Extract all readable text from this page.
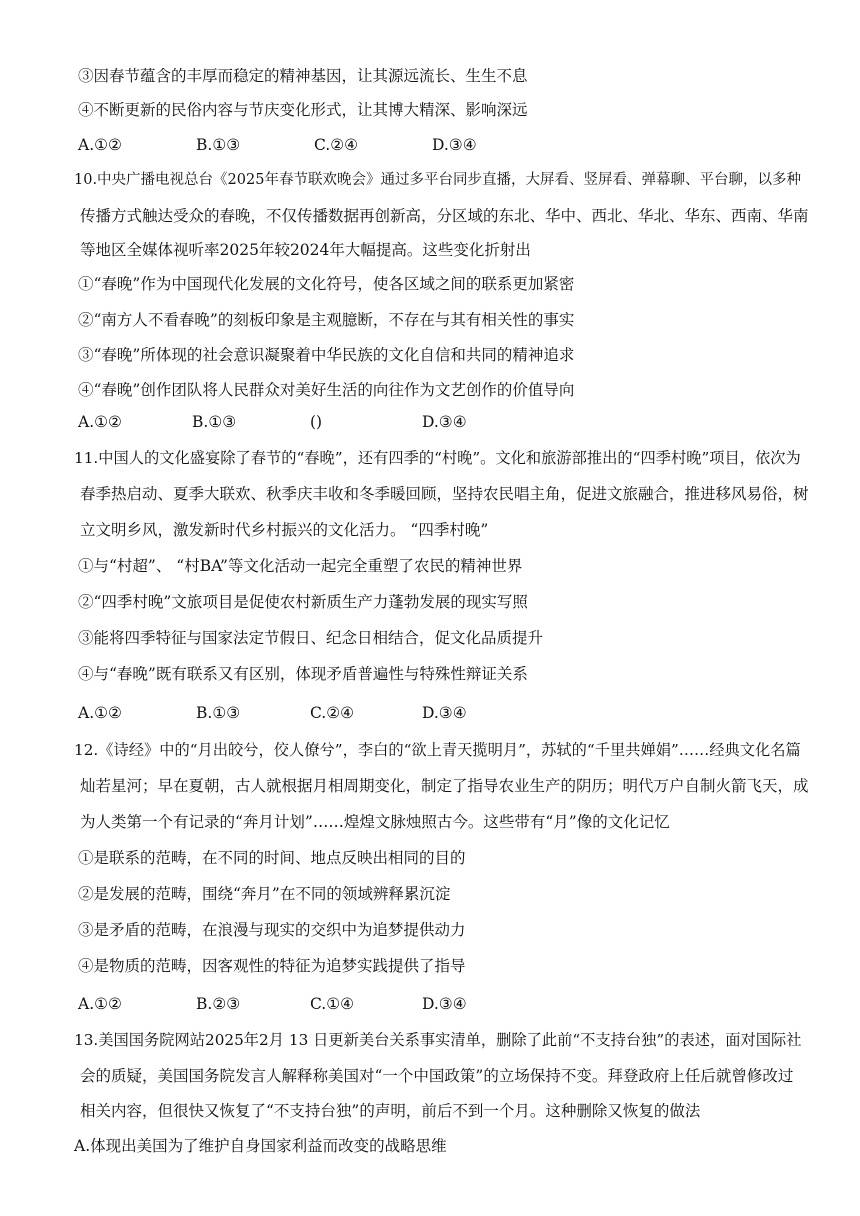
③因春节蕴含的丰厚而稳定的精神基因，让其源远流长、生生不息
④不断更新的民俗内容与节庆变化形式，让其博大精深、影响深远
A.①②	B.①③	C.②④	D.③④
10.中央广播电视总台《2025年春节联欢晚会》通过多平台同步直播，大屏看、竖屏看、弹幕聊、平台聊，以多种
传播方式触达受众的春晚，不仅传播数据再创新高，分区域的东北、华中、西北、华北、华东、西南、华南
等地区全媒体视听率2025年较2024年大幅提高。这些变化折射出
①“春晚”作为中国现代化发展的文化符号，使各区域之间的联系更加紧密
②“南方人不看春晚”的刻板印象是主观臆断，不存在与其有相关性的事实
③“春晚”所体现的社会意识凝聚着中华民族的文化自信和共同的精神追求
④“春晚”创作团队将人民群众对美好生活的向往作为文艺创作的价值导向
A.①②	B.①③	()	D.③④
11.中国人的文化盛宴除了春节的“春晚”，还有四季的“村晚”。文化和旅游部推出的“四季村晚”项目，依次为
春季热启动、夏季大联欢、秋季庆丰收和冬季暖回顾，坚持农民唱主角，促进文旅融合，推进移风易俗，树
立文明乡风，激发新时代乡村振兴的文化活力。 “四季村晚”
①与“村超”、 “村BA”等文化活动一起完全重塑了农民的精神世界
②“四季村晚”文旅项目是促使农村新质生产力蓬勃发展的现实写照
③能将四季特征与国家法定节假日、纪念日相结合，促文化品质提升
④与“春晚”既有联系又有区别，体现矛盾普遍性与特殊性辩证关系
A.①②	B.①③	C.②④	D.③④
12.《诗经》中的“月出皎兮，佼人僚兮”，李白的“欲上青天揽明月”，苏轼的“千里共婵娟”……经典文化名篇
灿若星河；早在夏朝，古人就根据月相周期变化，制定了指导农业生产的阴历；明代万户自制火箭飞天，成
为人类第一个有记录的“奔月计划”……煌煌文脉烛照古今。这些带有“月”像的文化记忆
①是联系的范畴，在不同的时间、地点反映出相同的目的
②是发展的范畴，围绕“奔月”在不同的领域辨释累沉淀
③是矛盾的范畴，在浪漫与现实的交织中为追梦提供动力
④是物质的范畴，因客观性的特征为追梦实践提供了指导
A.①②	B.②③	C.①④	D.③④
13.美国国务院网站2025年2月 13 日更新美台关系事实清单，删除了此前“不支持台独”的表述，面对国际社
会的质疑，美国国务院发言人解释称美国对“一个中国政策”的立场保持不变。拜登政府上任后就曾修改过
相关内容，但很快又恢复了“不支持台独”的声明，前后不到一个月。这种删除又恢复的做法
A.体现出美国为了维护自身国家利益而改变的战略思维
